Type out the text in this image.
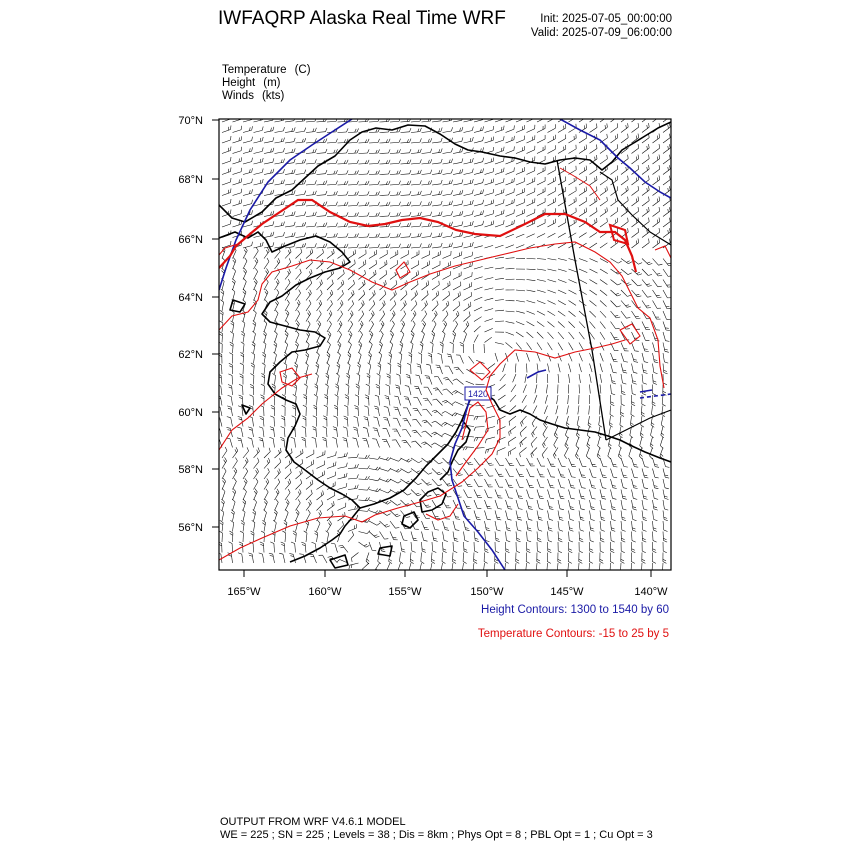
IWFAQRP Alaska Real Time WRF	Init: 2025-07-05_00:00:00
Valid: 2025-07-09_06:00:00
Temperature (C)
Height (m)
Winds (kts)
1420
70°N
68°N
66°N
64°N
62°N
60°N
58°N
56°N
165°W	160°W	155°W	150°W	145°W	140°W
Height Contours: 1300 to 1540 by 60
Temperature Contours: -15 to 25 by 5
OUTPUT FROM WRF V4.6.1 MODEL
WE = 225 ; SN = 225 ; Levels = 38 ; Dis = 8km ; Phys Opt = 8 ; PBL Opt = 1 ; Cu Opt = 3
